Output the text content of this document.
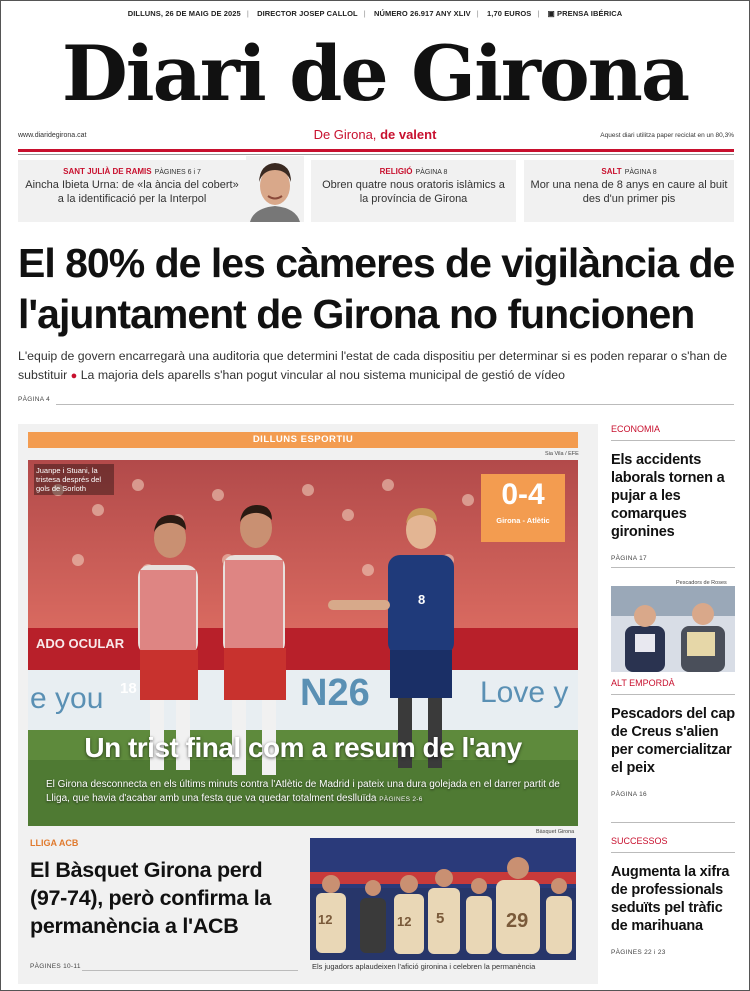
DILLUNS, 26 DE MAIG DE 2025 | DIRECTOR JOSEP CALLOL | NÚMERO 26.917 ANY XLIV | 1,70 EUROS | ▣ PRENSA IBÉRICA
Diari de Girona
www.diaridegirona.cat	De Girona, de valent	Aquest diari utilitza paper reciclat en un 80,3%
SANT JULIÀ DE RAMIS PÀGINES 6 i 7
Aincha Ibieta Urna: de «la ància del cobert» a la identificació per la Interpol
RELIGIÓ PÀGINA 8
Obren quatre nous oratoris islàmics a la província de Girona
SALT PÀGINA 8
Mor una nena de 8 anys en caure al buit des d'un primer pis
El 80% de les càmeres de vigilància de l'ajuntament de Girona no funcionen
L'equip de govern encarregarà una auditoria que determini l'estat de cada dispositiu per determinar si es poden reparar o s'han de substituir ● La majoria dels aparells s'han pogut vincular al nou sistema municipal de gestió de vídeo
PÀGINA 4
DILLUNS ESPORTIU
Sia Vila / EFE
18
8
ADO OCULAR
e you	N26	Love y
Juanpe i Stuani, la tristesa després del gols de Sorloth	0-4
Girona - Atlètic
Un trist final com a resum de l'any
El Girona desconnecta en els últims minuts contra l'Atlètic de Madrid i pateix una dura golejada en el darrer partit de Lliga, que havia d'acabar amb una festa que va quedar totalment deslluïda PÀGINES 2-6
LLIGA ACB
El Bàsquet Girona perd (97-74), però confirma la permanència a l'ACB
PÀGINES 10-11
Bàsquet Girona
12	12 5	29
Els jugadors aplaudeixen l'afició gironina i celebren la permanència
ECONOMIA
Els accidents laborals tornen a pujar a les comarques gironines
PÀGINA 17
Pescadors de Roses
ALT EMPORDÀ
Pescadors del cap de Creus s'alien per comercialitzar el peix
PÀGINA 16
SUCCESSOS
Augmenta la xifra de professionals seduïts pel tràfic de marihuana
PÀGINES 22 i 23
